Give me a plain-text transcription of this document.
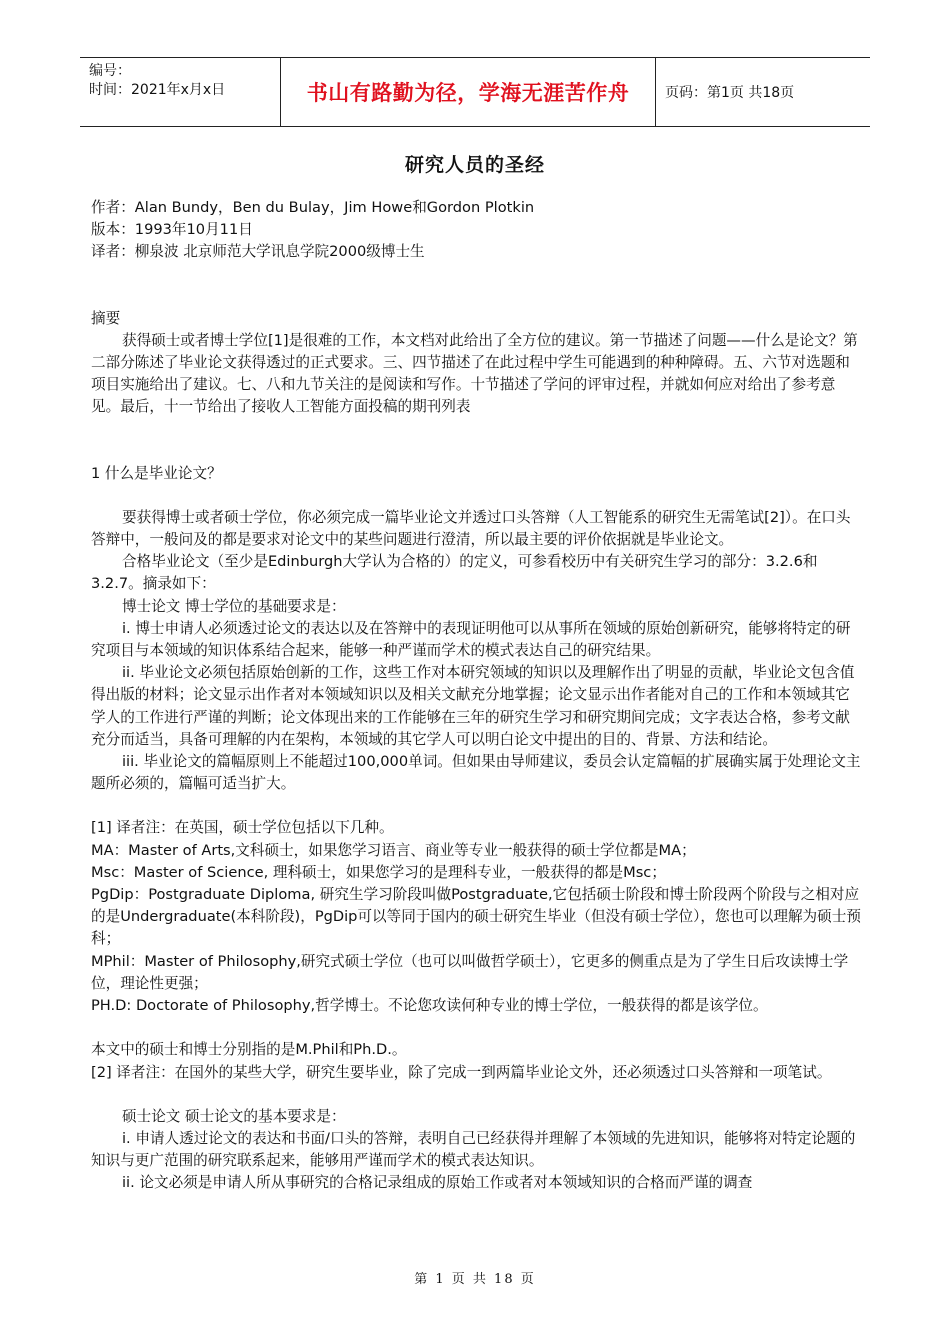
编号：
时间：2021年x月x日	书山有路勤为径，学海无涯苦作舟	页码：第1页 共18页
研究人员的圣经

作者：Alan Bundy，Ben du Bulay，Jim Howe和Gordon Plotkin

版本：1993年10月11日

译者：柳泉波 北京师范大学讯息学院2000级博士生

摘要

获得硕士或者博士学位[1]是很难的工作，本文档对此给出了全方位的建议。第一节描述了问题——什么是论文？第二部分陈述了毕业论文获得透过的正式要求。三、四节描述了在此过程中学生可能遇到的种种障碍。五、六节对选题和项目实施给出了建议。七、八和九节关注的是阅读和写作。十节描述了学问的评审过程，并就如何应对给出了参考意见。最后，十一节给出了接收人工智能方面投稿的期刊列表

1 什么是毕业论文？

要获得博士或者硕士学位，你必须完成一篇毕业论文并透过口头答辩（人工智能系的研究生无需笔试[2]）。在口头答辩中，一般问及的都是要求对论文中的某些问题进行澄清，所以最主要的评价依据就是毕业论文。

合格毕业论文（至少是Edinburgh大学认为合格的）的定义，可参看校历中有关研究生学习的部分：3.2.6和3.2.7。摘录如下：

博士论文 博士学位的基础要求是：

i. 博士申请人必须透过论文的表达以及在答辩中的表现证明他可以从事所在领域的原始创新研究，能够将特定的研究项目与本领域的知识体系结合起来，能够一种严谨而学术的模式表达自己的研究结果。

ii. 毕业论文必须包括原始创新的工作，这些工作对本研究领域的知识以及理解作出了明显的贡献，毕业论文包含值得出版的材料；论文显示出作者对本领域知识以及相关文献充分地掌握；论文显示出作者能对自己的工作和本领域其它学人的工作进行严谨的判断；论文体现出来的工作能够在三年的研究生学习和研究期间完成；文字表达合格，参考文献充分而适当，具备可理解的内在架构，本领域的其它学人可以明白论文中提出的目的、背景、方法和结论。

iii. 毕业论文的篇幅原则上不能超过100,000单词。但如果由导师建议，委员会认定篇幅的扩展确实属于处理论文主题所必须的，篇幅可适当扩大。

[1] 译者注：在英国，硕士学位包括以下几种。

MA：Master of Arts,文科硕士，如果您学习语言、商业等专业一般获得的硕士学位都是MA；

Msc：Master of Science, 理科硕士，如果您学习的是理科专业，一般获得的都是Msc；

PgDip：Postgraduate Diploma, 研究生学习阶段叫做Postgraduate,它包括硕士阶段和博士阶段两个阶段与之相对应的是Undergraduate(本科阶段)，PgDip可以等同于国内的硕士研究生毕业（但没有硕士学位），您也可以理解为硕士预科；

MPhil：Master of Philosophy,研究式硕士学位（也可以叫做哲学硕士），它更多的侧重点是为了学生日后攻读博士学位，理论性更强；

PH.D: Doctorate of Philosophy,哲学博士。不论您攻读何种专业的博士学位，一般获得的都是该学位。

本文中的硕士和博士分别指的是M.Phil和Ph.D.。

[2] 译者注：在国外的某些大学，研究生要毕业，除了完成一到两篇毕业论文外，还必须透过口头答辩和一项笔试。

硕士论文 硕士论文的基本要求是：

i. 申请人透过论文的表达和书面/口头的答辩，表明自己已经获得并理解了本领域的先进知识，能够将对特定论题的知识与更广范围的研究联系起来，能够用严谨而学术的模式表达知识。

ii. 论文必须是申请人所从事研究的合格记录组成的原始工作或者对本领域知识的合格而严谨的调查

第 1 页 共 18 页
